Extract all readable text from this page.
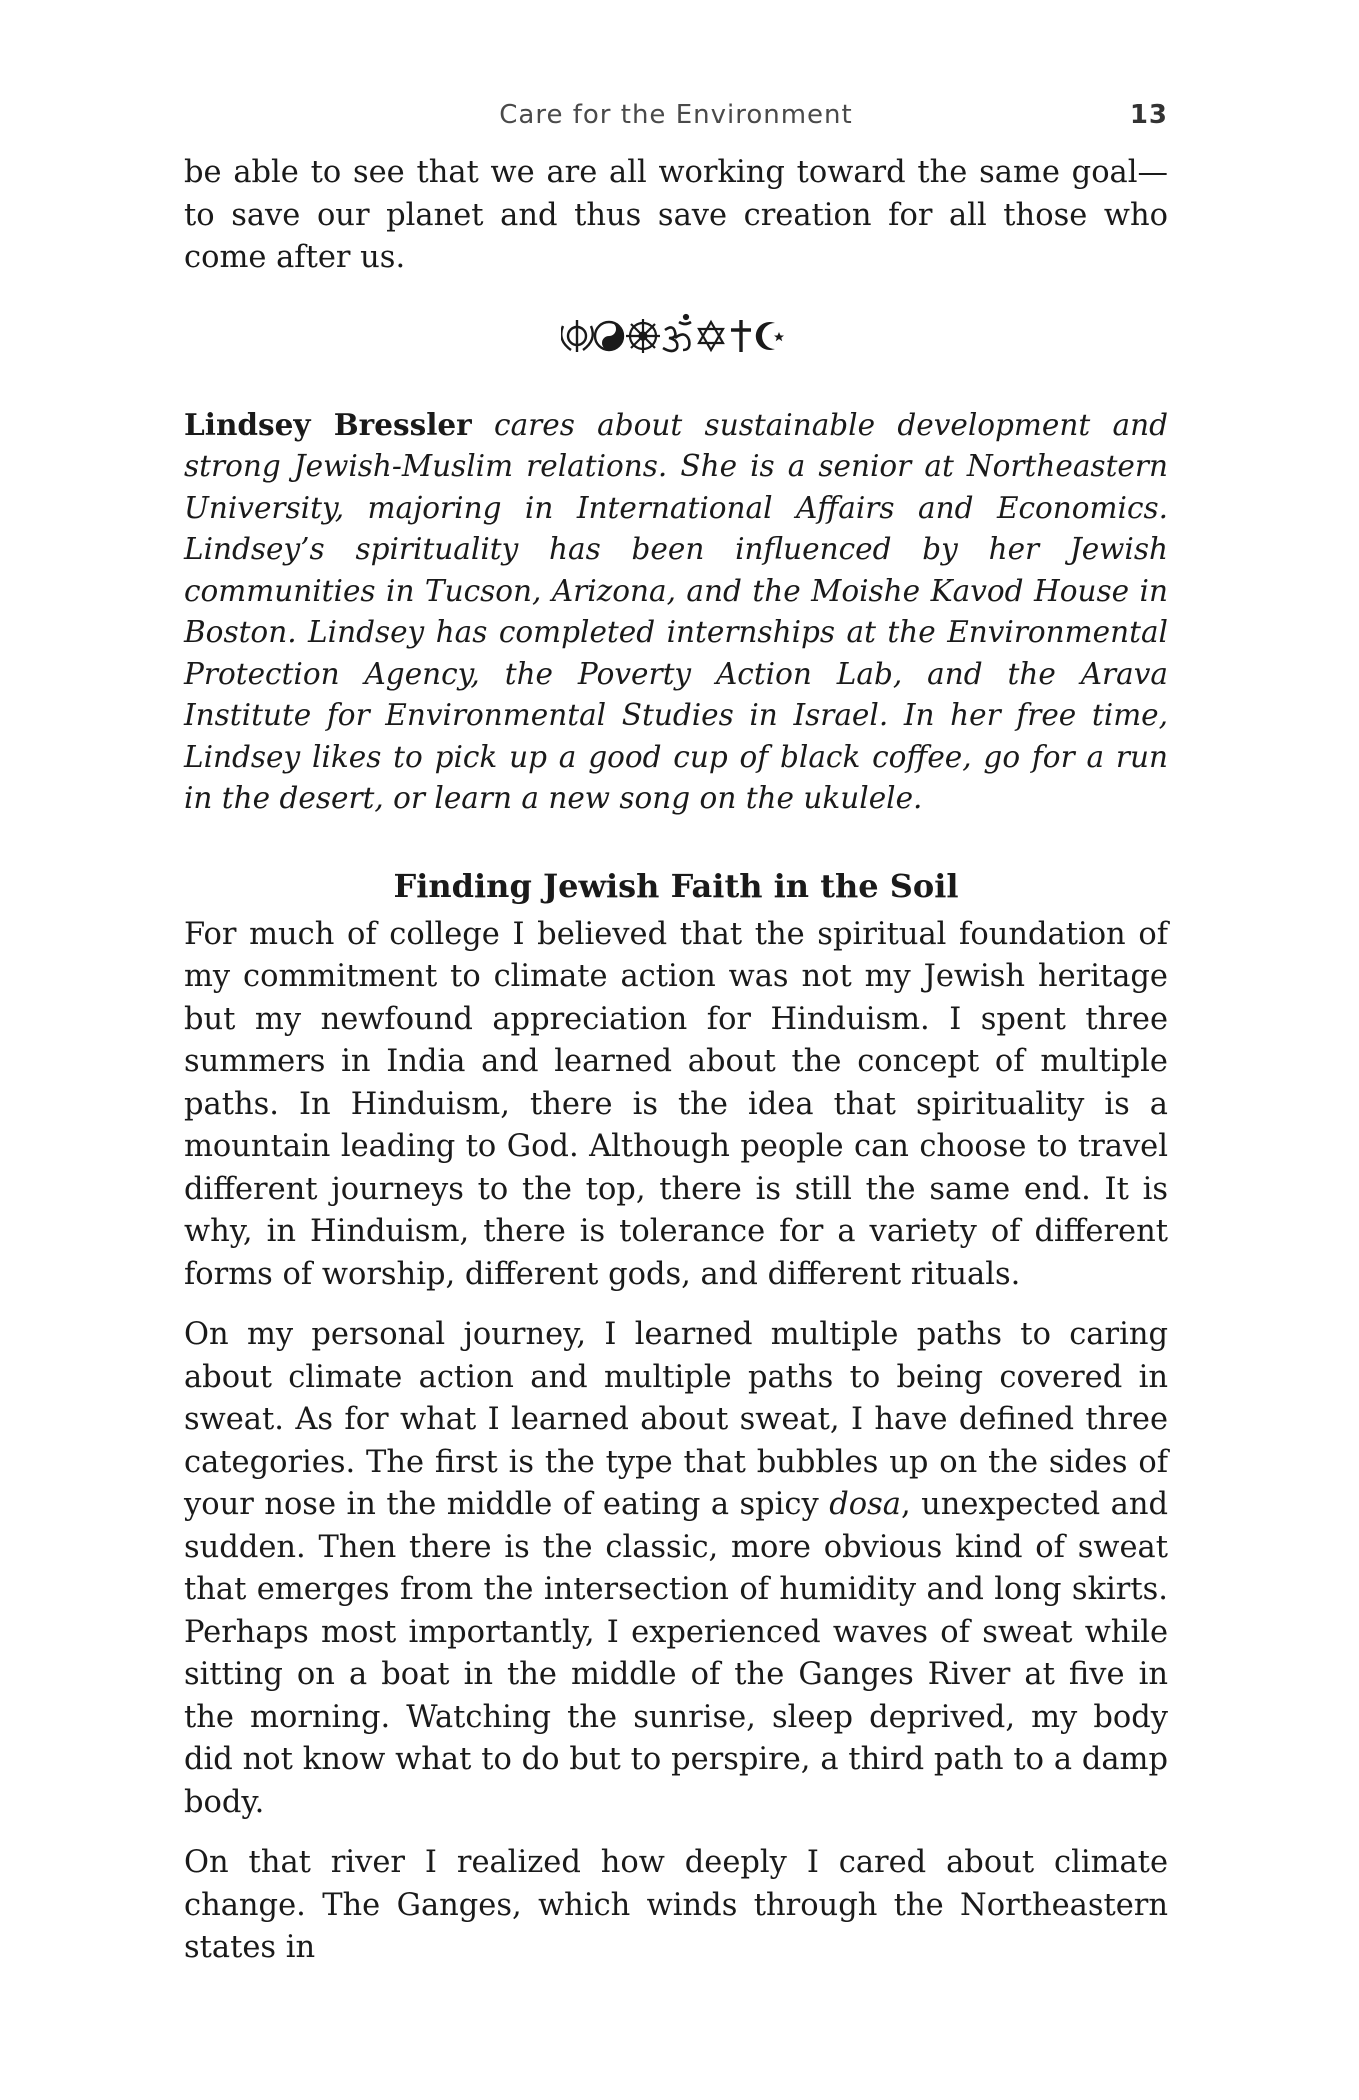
Care for the Environment	13

be able to see that we are all working toward the same goal—to save our planet and thus save creation for all those who come after us.

Lindsey Bressler cares about sustainable development and strong Jewish-Muslim relations. She is a senior at Northeastern University, majoring in International Affairs and Economics. Lindsey’s spirituality has been influenced by her Jewish communities in Tucson, Arizona, and the Moishe Kavod House in Boston. Lindsey has completed internships at the Environmental Protection Agency, the Poverty Action Lab, and the Arava Institute for Environmental Studies in Israel. In her free time, Lindsey likes to pick up a good cup of black coffee, go for a run in the desert, or learn a new song on the ukulele.

Finding Jewish Faith in the Soil

For much of college I believed that the spiritual foundation of my commitment to climate action was not my Jewish heritage but my newfound appreciation for Hinduism. I spent three summers in India and learned about the concept of multiple paths. In Hinduism, there is the idea that spirituality is a mountain leading to God. Although people can choose to travel different journeys to the top, there is still the same end. It is why, in Hinduism, there is tolerance for a variety of different forms of worship, different gods, and different rituals.

On my personal journey, I learned multiple paths to caring about climate action and multiple paths to being covered in sweat. As for what I learned about sweat, I have defined three categories. The first is the type that bubbles up on the sides of your nose in the middle of eating a spicy dosa, unexpected and sudden. Then there is the classic, more obvious kind of sweat that emerges from the intersection of humidity and long skirts. Perhaps most importantly, I experienced waves of sweat while sitting on a boat in the middle of the Ganges River at five in the morning. Watching the sunrise, sleep deprived, my body did not know what to do but to perspire, a third path to a damp body.

On that river I realized how deeply I cared about climate change. The Ganges, which winds through the Northeastern states in
